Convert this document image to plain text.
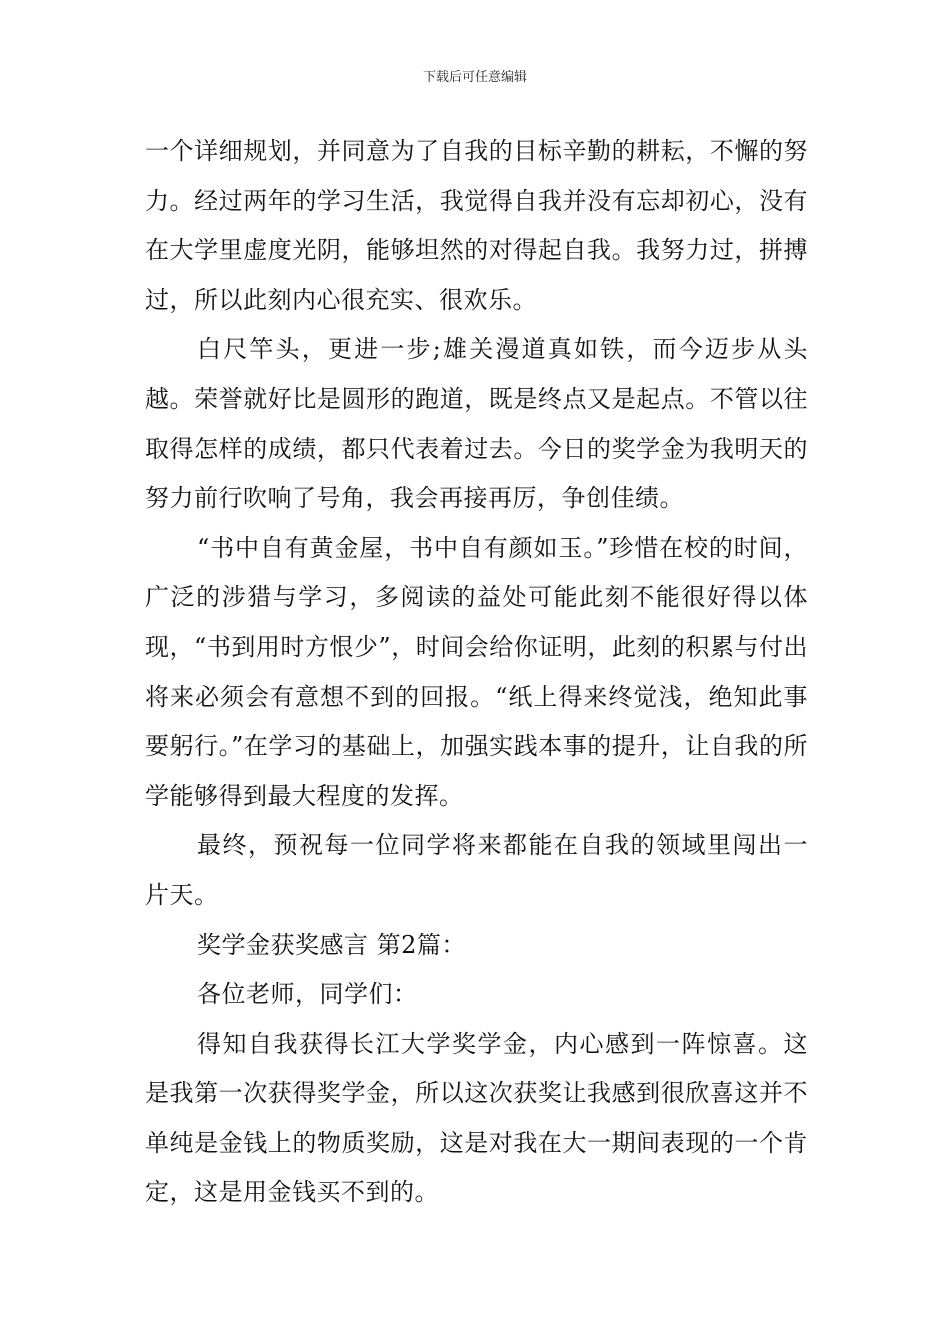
下载后可任意编辑

一个详细规划，并同意为了自我的目标辛勤的耕耘，不懈的努力。经过两年的学习生活，我觉得自我并没有忘却初心，没有在大学里虚度光阴，能够坦然的对得起自我。我努力过，拼搏过，所以此刻内心很充实、很欢乐。

白尺竿头，更进一步;雄关漫道真如铁，而今迈步从头越。荣誉就好比是圆形的跑道，既是终点又是起点。不管以往取得怎样的成绩，都只代表着过去。今日的奖学金为我明天的努力前行吹响了号角，我会再接再厉，争创佳绩。

“书中自有黄金屋，书中自有颜如玉。”珍惜在校的时间，广泛的涉猎与学习，多阅读的益处可能此刻不能很好得以体现，“书到用时方恨少”，时间会给你证明，此刻的积累与付出将来必须会有意想不到的回报。“纸上得来终觉浅，绝知此事要躬行。”在学习的基础上，加强实践本事的提升，让自我的所学能够得到最大程度的发挥。

最终，预祝每一位同学将来都能在自我的领域里闯出一片天。

奖学金获奖感言 第2篇：

各位老师，同学们：

得知自我获得长江大学奖学金，内心感到一阵惊喜。这是我第一次获得奖学金，所以这次获奖让我感到很欣喜这并不单纯是金钱上的物质奖励，这是对我在大一期间表现的一个肯定，这是用金钱买不到的。
